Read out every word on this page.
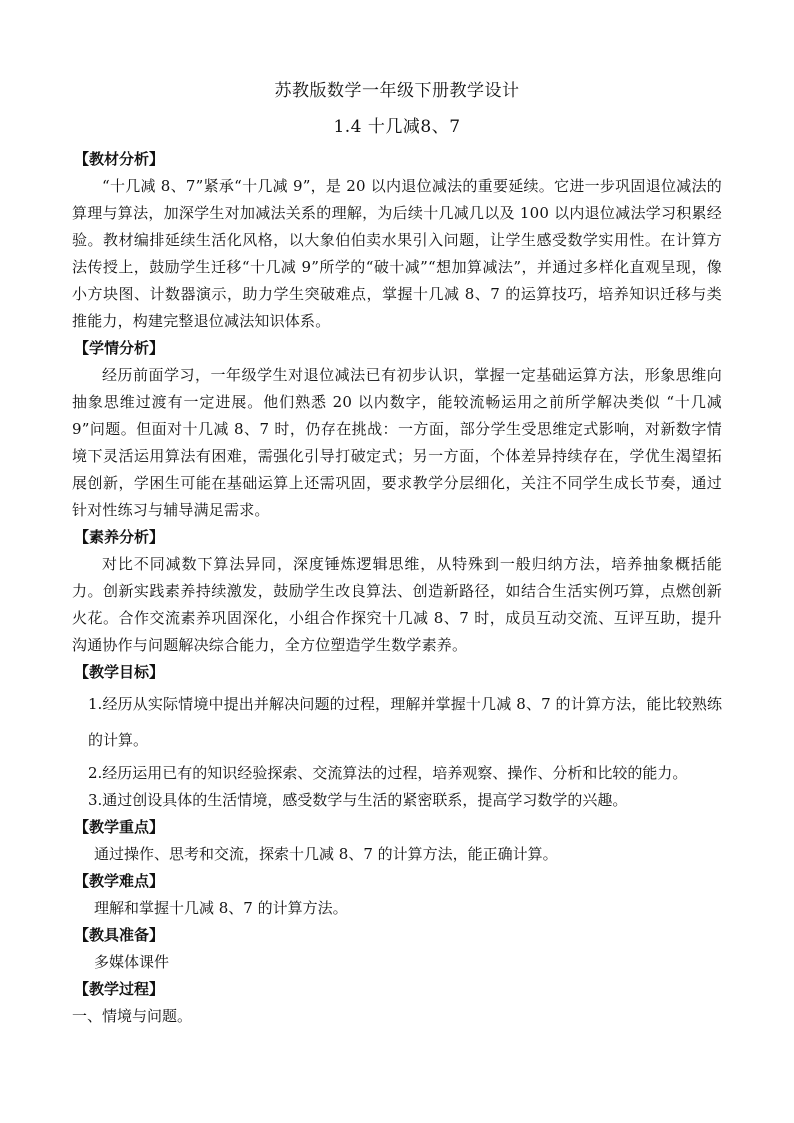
苏教版数学一年级下册教学设计
1.4 十几减8、7
【教材分析】

“十几减 8、7”紧承“十几减 9”，是 20 以内退位减法的重要延续。它进一步巩固退位减法的算理与算法，加深学生对加减法关系的理解，为后续十几减几以及 100 以内退位减法学习积累经验。教材编排延续生活化风格，以大象伯伯卖水果引入问题，让学生感受数学实用性。在计算方法传授上，鼓励学生迁移“十几减 9”所学的“破十减”“想加算减法”，并通过多样化直观呈现，像小方块图、计数器演示，助力学生突破难点，掌握十几减 8、7 的运算技巧，培养知识迁移与类推能力，构建完整退位减法知识体系。

【学情分析】

经历前面学习，一年级学生对退位减法已有初步认识，掌握一定基础运算方法，形象思维向抽象思维过渡有一定进展。他们熟悉 20 以内数字，能较流畅运用之前所学解决类似 “十几减 9”问题。但面对十几减 8、7 时，仍存在挑战：一方面，部分学生受思维定式影响，对新数字情境下灵活运用算法有困难，需强化引导打破定式；另一方面，个体差异持续存在，学优生渴望拓展创新，学困生可能在基础运算上还需巩固，要求教学分层细化，关注不同学生成长节奏，通过针对性练习与辅导满足需求。

【素养分析】

对比不同减数下算法异同，深度锤炼逻辑思维，从特殊到一般归纳方法，培养抽象概括能力。创新实践素养持续激发，鼓励学生改良算法、创造新路径，如结合生活实例巧算，点燃创新火花。合作交流素养巩固深化，小组合作探究十几减 8、7 时，成员互动交流、互评互助，提升沟通协作与问题解决综合能力，全方位塑造学生数学素养。

【教学目标】

1.经历从实际情境中提出并解决问题的过程，理解并掌握十几减 8、7 的计算方法，能比较熟练的计算。

2.经历运用已有的知识经验探索、交流算法的过程，培养观察、操作、分析和比较的能力。

3.通过创设具体的生活情境，感受数学与生活的紧密联系，提高学习数学的兴趣。

【教学重点】

通过操作、思考和交流，探索十几减 8、7 的计算方法，能正确计算。

【教学难点】

理解和掌握十几减 8、7 的计算方法。

【教具准备】

多媒体课件

【教学过程】

一、情境与问题。
